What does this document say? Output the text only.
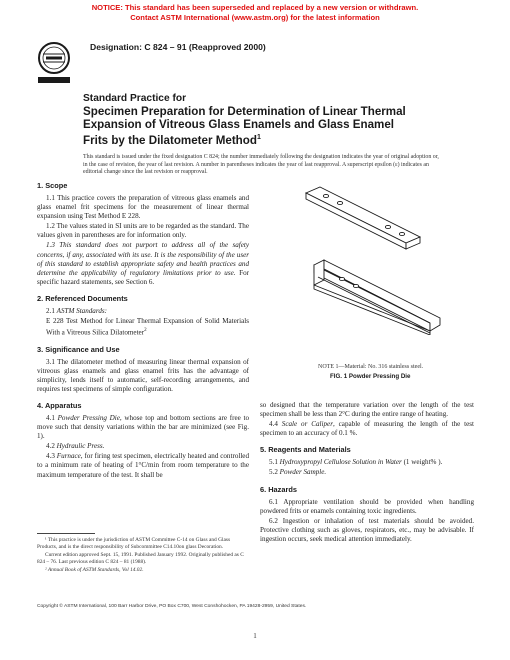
NOTICE: This standard has been superseded and replaced by a new version or withdrawn.
Contact ASTM International (www.astm.org) for the latest information
Designation: C 824 – 91 (Reapproved 2000)
Standard Practice for
Specimen Preparation for Determination of Linear Thermal
Expansion of Vitreous Glass Enamels and Glass Enamel
Frits by the Dilatometer Method$^1$
This standard is issued under the fixed designation C 824; the number immediately following the designation indicates the year of original adoption or, in the case of revision, the year of last revision. A number in parentheses indicates the year of last reapproval. A superscript epsilon (ε) indicates an editorial change since the last revision or reapproval.
1. Scope

1.1 This practice covers the preparation of vitreous glass enamels and glass enamel frit specimens for the measurement of linear thermal expansion using Test Method E 228.

1.2 The values stated in SI units are to be regarded as the standard. The values given in parentheses are for information only.

1.3 This standard does not purport to address all of the safety concerns, if any, associated with its use. It is the responsibility of the user of this standard to establish appropriate safety and health practices and determine the applicability of regulatory limitations prior to use. For specific hazard statements, see Section 6.

2. Referenced Documents

2.1 ASTM Standards:

E 228 Test Method for Linear Thermal Expansion of Solid Materials With a Vitreous Silica Dilatometer$^2$

3. Significance and Use

3.1 The dilatometer method of measuring linear thermal expansion of vitreous glass enamels and glass enamel frits has the advantage of simplicity, lends itself to automatic, self-recording arrangements, and requires test specimens of simple configuration.

4. Apparatus

4.1 Powder Pressing Die, whose top and bottom sections are free to move such that density variations within the bar are minimized (see Fig. 1).

4.2 Hydraulic Press.

4.3 Furnace, for firing test specimen, electrically heated and controlled to a minimum rate of heating of 1°C/min from room temperature to the maximum temperature of the test. It shall be

¹ This practice is under the jurisdiction of ASTM Committee C-14 on Glass and Glass Products, and is the direct responsibility of Subcommittee C14.10on glass Decoration.

Current edition approved Sept. 15, 1991. Published January 1992. Originally published as C 824 – 76. Last previous edition C 824 – 81 (1988).

² Annual Book of ASTM Standards, Vol 14.02.

NOTE 1—Material: No. 316 stainless steel.
FIG. 1 Powder Pressing Die

so designed that the temperature variation over the length of the test specimen shall be less than 2°C during the entire range of heating.

4.4 Scale or Caliper, capable of measuring the length of the test specimen to an accuracy of 0.1 %.

5. Reagents and Materials

5.1 Hydroxypropyl Cellulose Solution in Water (1 weight% ).

5.2 Powder Sample.

6. Hazards

6.1 Appropriate ventilation should be provided when handling powdered frits or enamels containing toxic ingredients.

6.2 Ingestion or inhalation of test materials should be avoided. Protective clothing such as gloves, respirators, etc., may be advisable. If ingestion occurs, seek medical attention immediately.

Copyright © ASTM International, 100 Barr Harbor Drive, PO Box C700, West Conshohocken, PA 19428-2959, United States.
1
